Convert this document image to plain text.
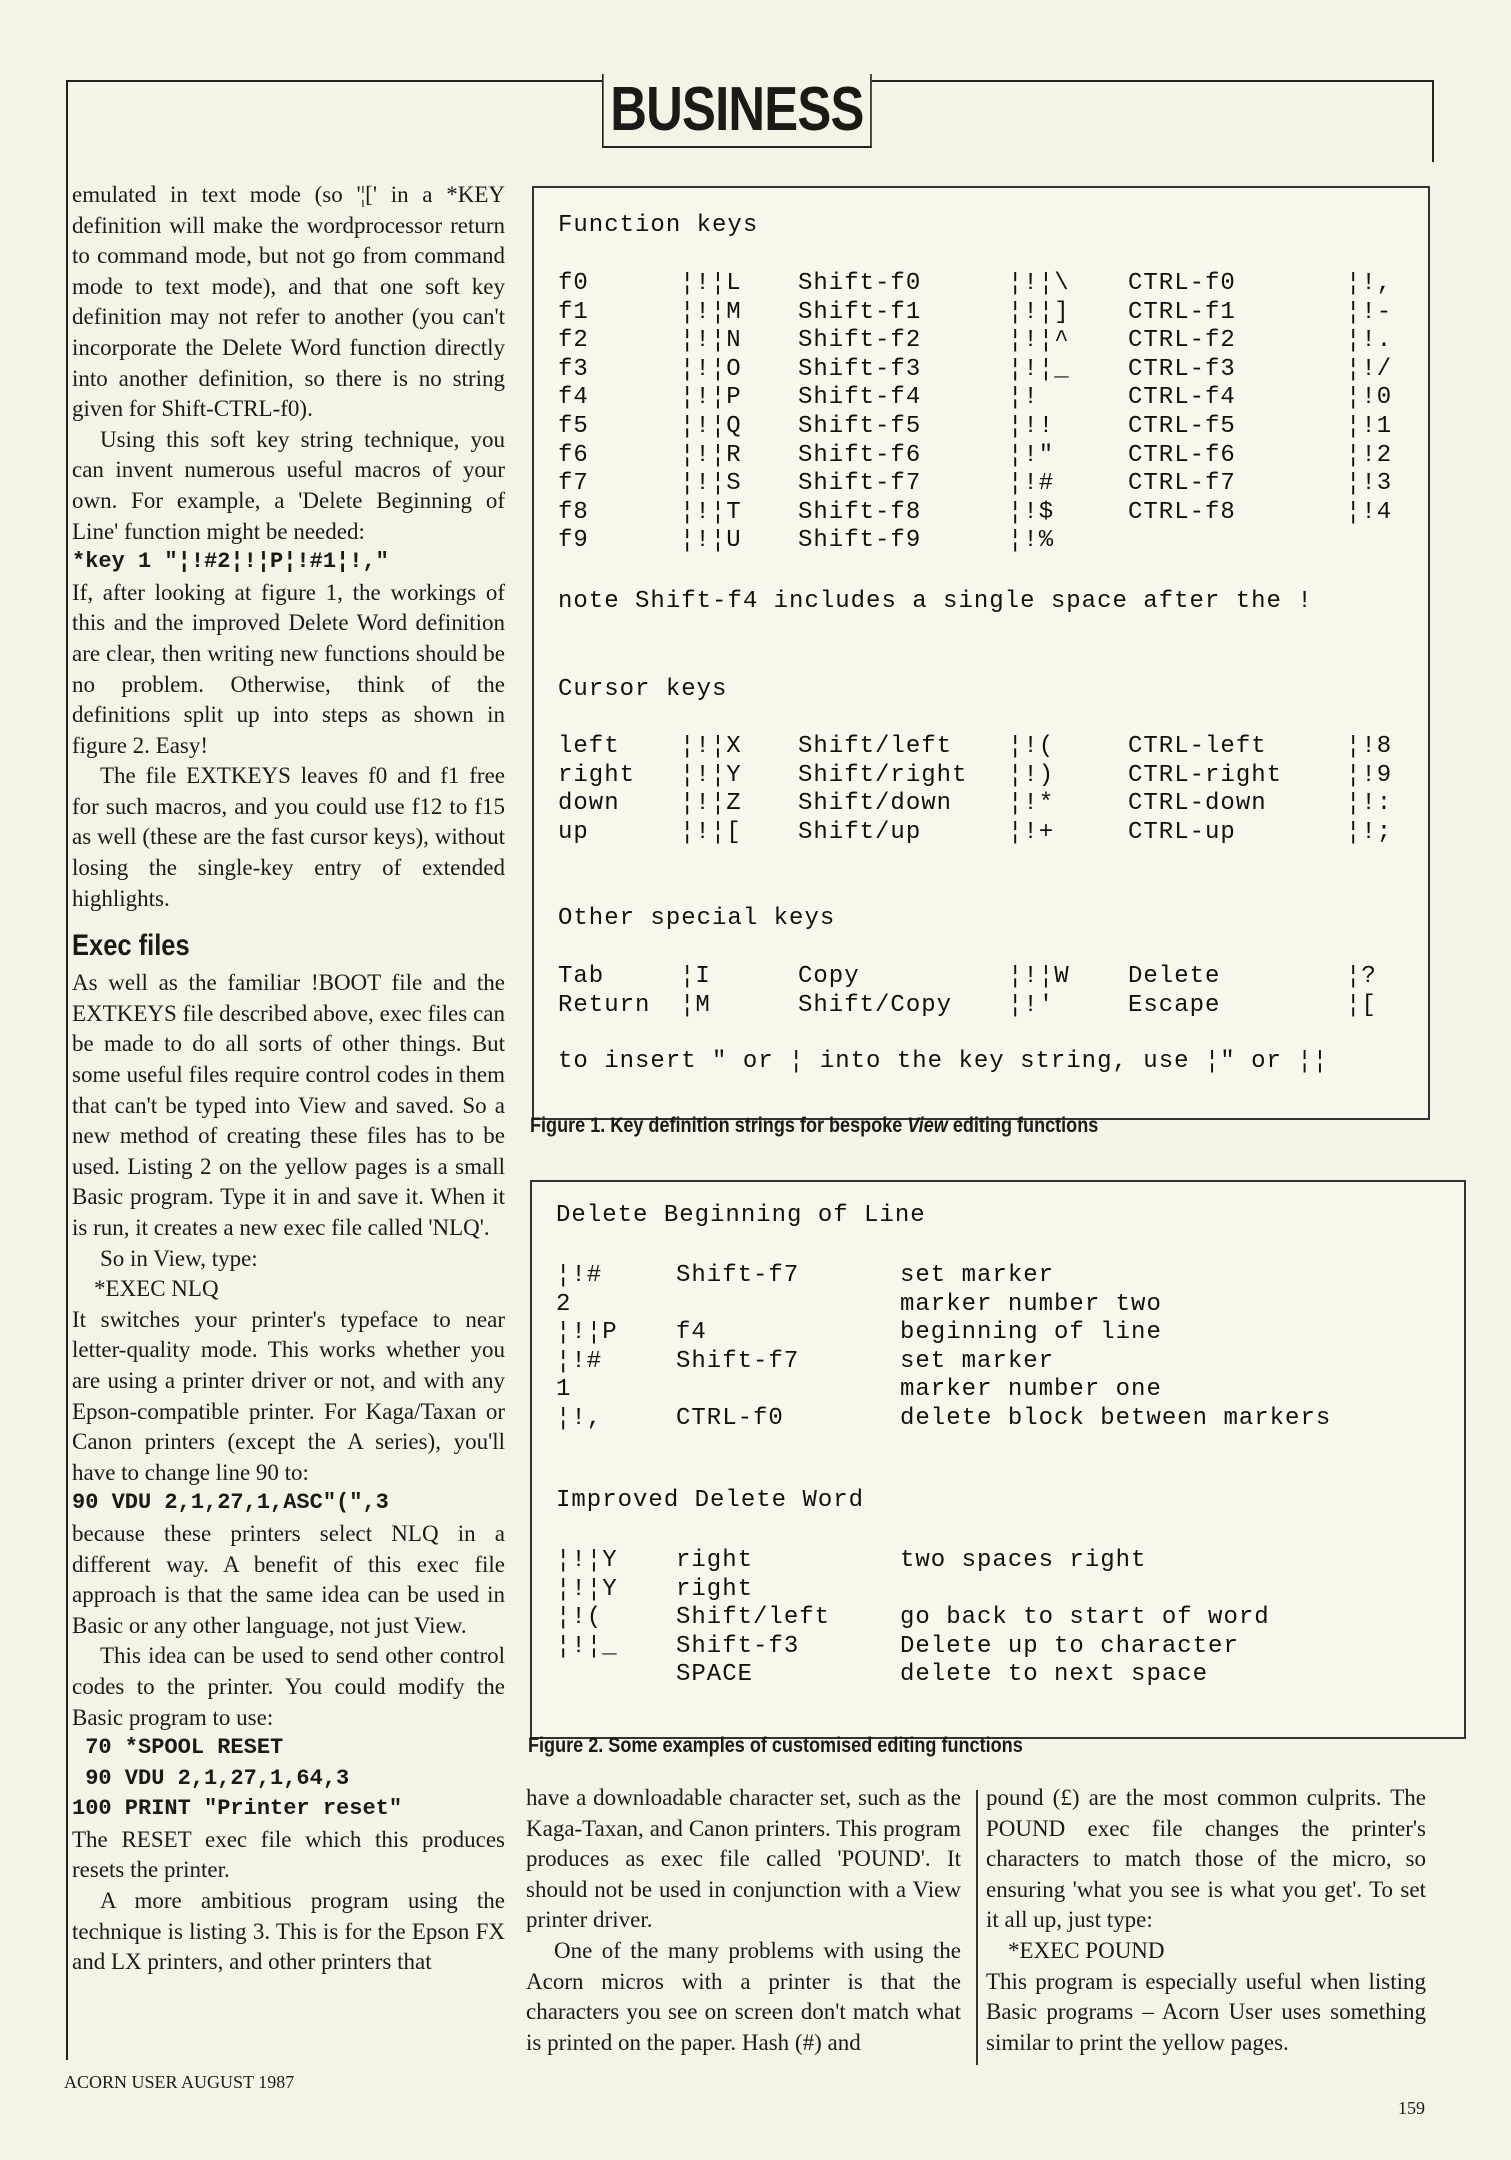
BUSINESS

emulated in text mode (so '¦[' in a *KEY definition will make the wordprocessor return to command mode, but not go from command mode to text mode), and that one soft key definition may not refer to another (you can't incorporate the Delete Word function directly into another definition, so there is no string given for Shift-CTRL-f0).

Using this soft key string technique, you can invent numerous useful macros of your own. For example, a 'Delete Beginning of Line' function might be needed:

*key 1 "¦!#2¦!¦P¦!#1¦!,"

If, after looking at figure 1, the workings of this and the improved Delete Word definition are clear, then writing new functions should be no problem. Otherwise, think of the definitions split up into steps as shown in figure 2. Easy!

The file EXTKEYS leaves f0 and f1 free for such macros, and you could use f12 to f15 as well (these are the fast cursor keys), without losing the single-key entry of extended highlights.

Exec files

As well as the familiar !BOOT file and the EXTKEYS file described above, exec files can be made to do all sorts of other things. But some useful files require control codes in them that can't be typed into View and saved. So a new method of creating these files has to be used. Listing 2 on the yellow pages is a small Basic program. Type it in and save it. When it is run, it creates a new exec file called 'NLQ'.

So in View, type:

*EXEC NLQ

It switches your printer's typeface to near letter-quality mode. This works whether you are using a printer driver or not, and with any Epson-compatible printer. For Kaga/Taxan or Canon printers (except the A series), you'll have to change line 90 to:

90 VDU 2,1,27,1,ASC"(",3

because these printers select NLQ in a different way. A benefit of this exec file approach is that the same idea can be used in Basic or any other language, not just View.

This idea can be used to send other control codes to the printer. You could modify the Basic program to use:

70 *SPOOL RESET

90 VDU 2,1,27,1,64,3

100 PRINT "Printer reset"

The RESET exec file which this produces resets the printer.

A more ambitious program using the technique is listing 3. This is for the Epson FX and LX printers, and other printers that

Function keys
f0	¦!¦L Shift-f0	¦!¦\ CTRL-f0	¦!,
f1	¦!¦M Shift-f1	¦!¦] CTRL-f1	¦!-
f2	¦!¦N Shift-f2	¦!¦^ CTRL-f2	¦!.
f3	¦!¦O Shift-f3	¦!¦_ CTRL-f3	¦!/
f4	¦!¦P Shift-f4	¦!	CTRL-f4	¦!0
f5	¦!¦Q Shift-f5	¦!!	CTRL-f5	¦!1
f6	¦!¦R Shift-f6	¦!"	CTRL-f6	¦!2
f7	¦!¦S Shift-f7	¦!#	CTRL-f7	¦!3
f8	¦!¦T Shift-f8	¦!$	CTRL-f8	¦!4
f9	¦!¦U Shift-f9	¦!%
note Shift-f4 includes a single space after the !
Cursor keys
left	¦!¦X Shift/left ¦!(	CTRL-left	¦!8
right ¦!¦Y Shift/right ¦!)	CTRL-right	¦!9
down	¦!¦Z Shift/down ¦!*	CTRL-down	¦!:
up	¦!¦[ Shift/up	¦!+	CTRL-up	¦!;
Other special keys
Tab	¦I	Copy	¦!¦W Delete	¦?
Return ¦M	Shift/Copy ¦!'	Escape	¦[
to insert " or ¦ into the key string, use ¦" or ¦¦
Figure 1. Key definition strings for bespoke View editing functions
Delete Beginning of Line
¦!#	Shift-f7	set marker
2	marker number two
¦!¦P f4	beginning of line
¦!#	Shift-f7	set marker
1	marker number one
¦!,	CTRL-f0	delete block between markers
Improved Delete Word
¦!¦Y right	two spaces right
¦!¦Y right
¦!(	Shift/left	go back to start of word
¦!¦_ Shift-f3	Delete up to character
SPACE	delete to next space
Figure 2. Some examples of customised editing functions

have a downloadable character set, such as the Kaga-Taxan, and Canon printers. This program produces as exec file called 'POUND'. It should not be used in conjunction with a View printer driver.

One of the many problems with using the Acorn micros with a printer is that the characters you see on screen don't match what is printed on the paper. Hash (#) and

pound (£) are the most common culprits. The POUND exec file changes the printer's characters to match those of the micro, so ensuring 'what you see is what you get'. To set it all up, just type:

*EXEC POUND

This program is especially useful when listing Basic programs – Acorn User uses something similar to print the yellow pages.

ACORN USER AUGUST 1987
159
